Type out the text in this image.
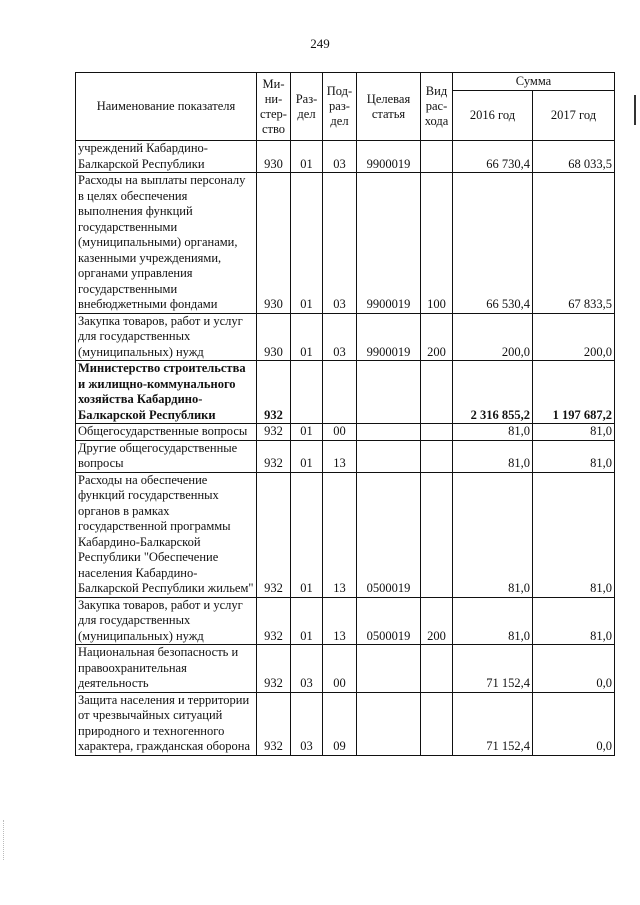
249
Наименование показателя	Ми-ни-стер-ство	Раз-дел	Под-раз-дел	Целевая статья	Вид рас-хода	Сумма	
						2016 год	2017 год
учреждений Кабардино-Балкарской Республики	930	01	03	9900019		66 730,4	68 033,5
Расходы на выплаты персоналу в целях обеспечения выполнения функций государственными (муниципальными) органами, казенными учреждениями, органами управления государственными внебюджетными фондами	930	01	03	9900019	100	66 530,4	67 833,5
Закупка товаров, работ и услуг для государственных (муниципальных) нужд	930	01	03	9900019	200	200,0	200,0
Министерство строительства и жилищно-коммунального хозяйства Кабардино-Балкарской Республики	932					2 316 855,2	1 197 687,2
Общегосударственные вопросы	932	01	00			81,0	81,0
Другие общегосударственные вопросы	932	01	13			81,0	81,0
Расходы на обеспечение функций государственных органов в рамках государственной программы Кабардино-Балкарской Республики "Обеспечение населения Кабардино-Балкарской Республики жильем"	932	01	13	0500019		81,0	81,0
Закупка товаров, работ и услуг для государственных (муниципальных) нужд	932	01	13	0500019	200	81,0	81,0
Национальная безопасность и правоохранительная деятельность	932	03	00			71 152,4	0,0
Защита населения и территории от чрезвычайных ситуаций природного и техногенного характера, гражданская оборона	932	03	09			71 152,4	0,0
